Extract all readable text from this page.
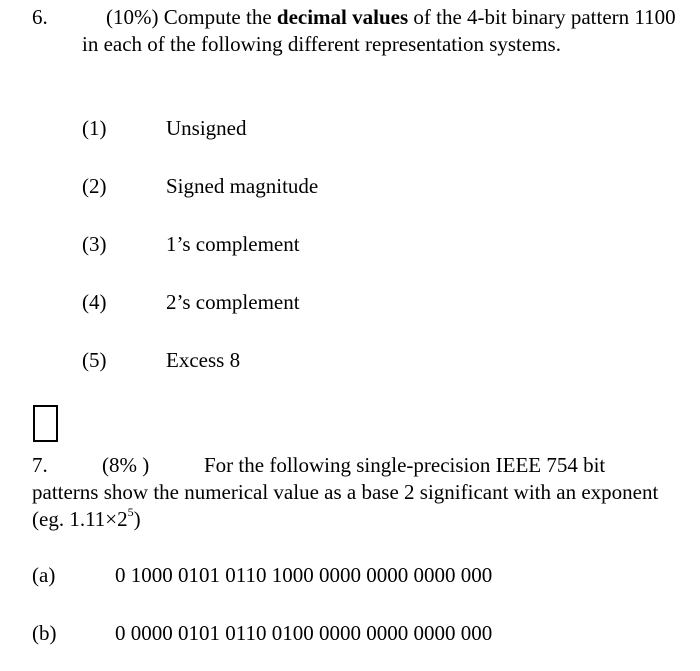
6.	(10%) Compute the decimal values of the 4-bit binary pattern 1100 in each of the following different representation systems.
(1)	Unsigned
(2)	Signed magnitude
(3)	1’s complement
(4)	2’s complement
(5)	Excess 8
7.	(8% )	For the following single-precision IEEE 754 bit
patterns show the numerical value as a base 2 significant with an exponent (eg. $1.11\times 2^5$)
(a)	0 1000 0101 0110 1000 0000 0000 0000 000
(b)	0 0000 0101 0110 0100 0000 0000 0000 000
